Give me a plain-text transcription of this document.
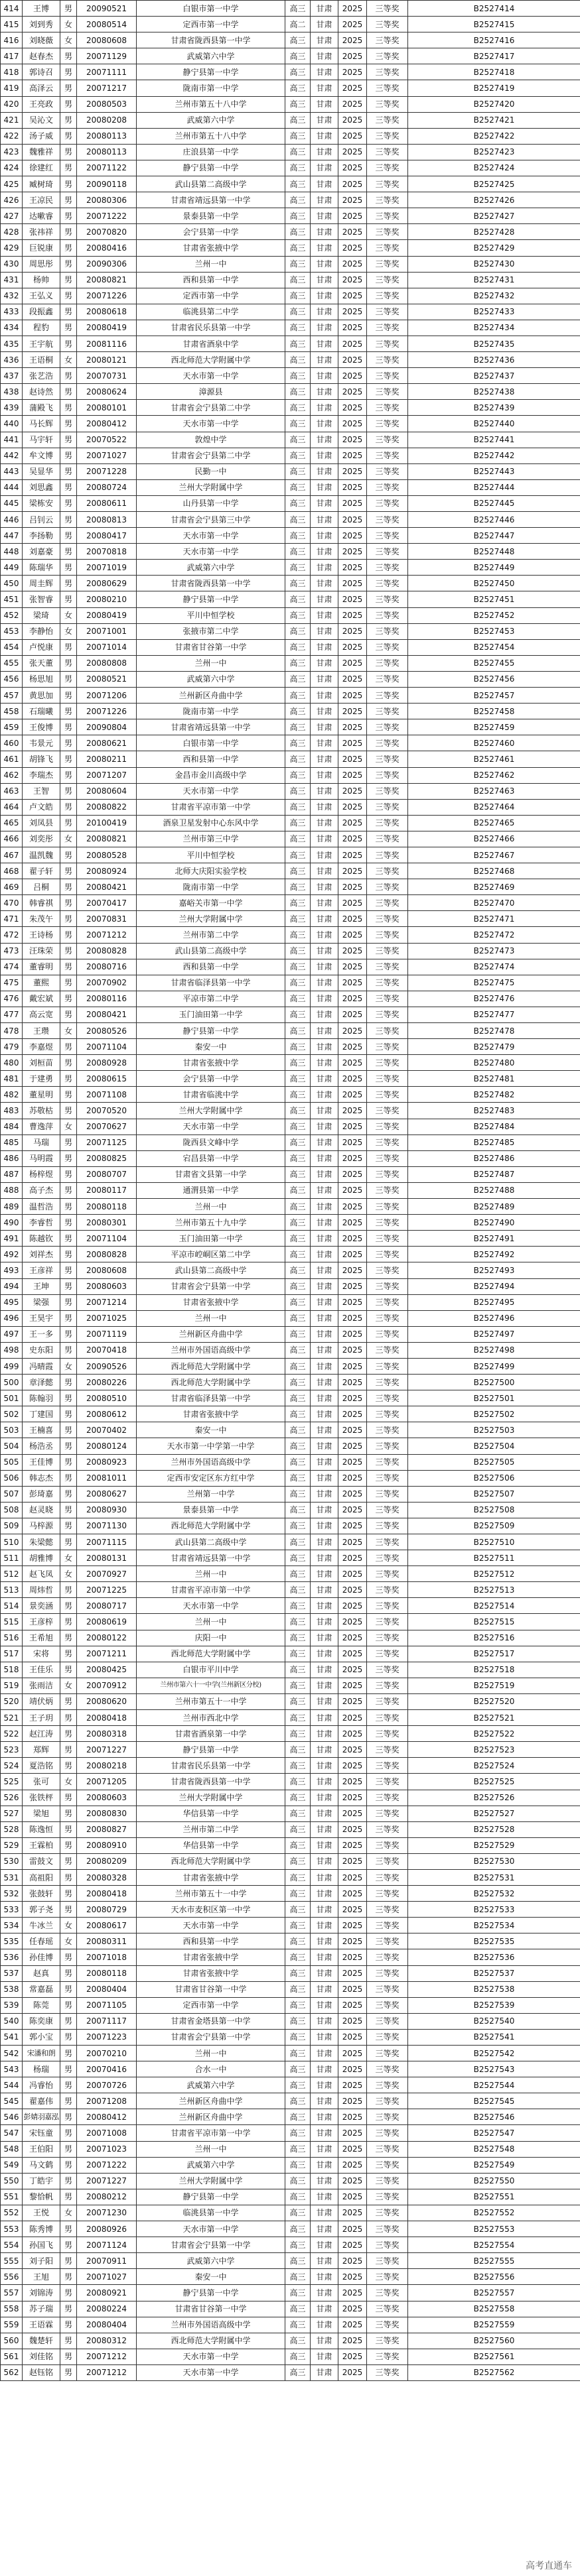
414	王博	男	20090521	白银市第一中学	高三	甘肃	2025	三等奖	B2527414
415	刘到秀	女	20080514	定西市第一中学	高二	甘肃	2025	三等奖	B2527415
416	刘晓薇	女	20080608	甘肃省陇西县第一中学	高三	甘肃	2025	三等奖	B2527416
417	赵春杰	男	20071129	武威第六中学	高三	甘肃	2025	三等奖	B2527417
418	郭诗召	男	20071111	静宁县第一中学	高三	甘肃	2025	三等奖	B2527418
419	高泽云	男	20071217	陇南市第一中学	高三	甘肃	2025	三等奖	B2527419
420	王亮政	男	20080503	兰州市第五十八中学	高三	甘肃	2025	三等奖	B2527420
421	吴沁文	男	20080208	武威第六中学	高三	甘肃	2025	三等奖	B2527421
422	汤子威	男	20080113	兰州市第五十八中学	高三	甘肃	2025	三等奖	B2527422
423	魏雅祥	男	20080113	庄浪县第一中学	高三	甘肃	2025	三等奖	B2527423
424	徐建红	男	20071122	静宁县第一中学	高三	甘肃	2025	三等奖	B2527424
425	臧树琦	男	20090118	武山县第二高级中学	高三	甘肃	2025	三等奖	B2527425
426	王凉民	男	20080306	甘肃省靖远县第一中学	高三	甘肃	2025	三等奖	B2527426
427	达嗽睿	男	20071222	景泰县第一中学	高三	甘肃	2025	三等奖	B2527427
428	张祎祥	男	20070820	会宁县第一中学	高三	甘肃	2025	三等奖	B2527428
429	巨锐康	男	20080416	甘肃省张掖中学	高三	甘肃	2025	三等奖	B2527429
430	周思彤	男	20090306	兰州一中	高三	甘肃	2025	三等奖	B2527430
431	杨帅	男	20080821	西和县第一中学	高三	甘肃	2025	三等奖	B2527431
432	王弘义	男	20071226	定西市第一中学	高三	甘肃	2025	三等奖	B2527432
433	段振鑫	男	20080618	临洮县第二中学	高三	甘肃	2025	三等奖	B2527433
434	程豹	男	20080419	甘肃省民乐县第一中学	高三	甘肃	2025	三等奖	B2527434
435	王宇航	男	20081116	甘肃省酒泉中学	高三	甘肃	2025	三等奖	B2527435
436	王语桐	女	20080121	西北师范大学附属中学	高三	甘肃	2025	三等奖	B2527436
437	张艺浩	男	20070731	天水市第一中学	高三	甘肃	2025	三等奖	B2527437
438	赵诗然	男	20080624	漳源县	高三	甘肃	2025	三等奖	B2527438
439	蒲殿飞	男	20080101	甘肃省会宁县第二中学	高三	甘肃	2025	三等奖	B2527439
440	马长辉	男	20080412	天水市第一中学	高三	甘肃	2025	三等奖	B2527440
441	马宇轩	男	20070522	敦煌中学	高三	甘肃	2025	三等奖	B2527441
442	牟文博	男	20071027	甘肃省会宁县第二中学	高三	甘肃	2025	三等奖	B2527442
443	吴显华	男	20071228	民勤一中	高三	甘肃	2025	三等奖	B2527443
444	刘思鑫	男	20080724	兰州大学附属中学	高三	甘肃	2025	三等奖	B2527444
445	梁栋安	男	20080611	山丹县第一中学	高三	甘肃	2025	三等奖	B2527445
446	吕钊云	男	20080813	甘肃省会宁县第三中学	高三	甘肃	2025	三等奖	B2527446
447	李扬勒	男	20080417	天水市第一中学	高三	甘肃	2025	三等奖	B2527447
448	刘嘉豪	男	20070818	天水市第一中学	高三	甘肃	2025	三等奖	B2527448
449	陈瑞华	男	20071019	武威第六中学	高三	甘肃	2025	三等奖	B2527449
450	周圭辉	男	20080629	甘肃省陇西县第一中学	高三	甘肃	2025	三等奖	B2527450
451	张智睿	男	20080210	静宁县第一中学	高三	甘肃	2025	三等奖	B2527451
452	梁琦	女	20080419	平川中恒学校	高三	甘肃	2025	三等奖	B2527452
453	李静怡	女	20071001	张掖市第二中学	高三	甘肃	2025	三等奖	B2527453
454	卢悦康	男	20071014	甘肃省甘谷第一中学	高三	甘肃	2025	三等奖	B2527454
455	张天董	男	20080808	兰州一中	高三	甘肃	2025	三等奖	B2527455
456	杨思旭	男	20080521	武威第六中学	高三	甘肃	2025	三等奖	B2527456
457	黄思加	男	20071206	兰州新区舟曲中学	高三	甘肃	2025	三等奖	B2527457
458	石瑞曦	男	20071226	陇南市第一中学	高三	甘肃	2025	三等奖	B2527458
459	王俊博	男	20090804	甘肃省靖远县第一中学	高三	甘肃	2025	三等奖	B2527459
460	韦景元	男	20080621	白银市第一中学	高三	甘肃	2025	三等奖	B2527460
461	胡锋飞	男	20080211	西和县第一中学	高三	甘肃	2025	三等奖	B2527461
462	李瑞杰	男	20071207	金昌市金川高级中学	高三	甘肃	2025	三等奖	B2527462
463	王智	男	20080604	天水市第一中学	高三	甘肃	2025	三等奖	B2527463
464	卢文皓	男	20080822	甘肃省平凉市第一中学	高三	甘肃	2025	三等奖	B2527464
465	刘凤县	男	20100419	酒泉卫星发射中心东风中学	高三	甘肃	2025	三等奖	B2527465
466	刘奕彤	女	20080821	兰州市第三中学	高三	甘肃	2025	三等奖	B2527466
467	温凯魏	男	20080528	平川中恒学校	高三	甘肃	2025	三等奖	B2527467
468	翟子轩	男	20080924	北师大庆阳实验学校	高三	甘肃	2025	三等奖	B2527468
469	吕桐	男	20080421	陇南市第一中学	高三	甘肃	2025	三等奖	B2527469
470	韩睿祺	男	20070417	嘉峪关市第一中学	高三	甘肃	2025	三等奖	B2527470
471	朱茂午	男	20070831	兰州大学附属中学	高三	甘肃	2025	三等奖	B2527471
472	王诗杨	男	20071212	兰州市第二中学	高三	甘肃	2025	三等奖	B2527472
473	汪珠荣	男	20080828	武山县第二高级中学	高三	甘肃	2025	三等奖	B2527473
474	董睿明	男	20080716	西和县第一中学	高三	甘肃	2025	三等奖	B2527474
475	董熙	男	20070902	甘肃省临泽县第一中学	高三	甘肃	2025	三等奖	B2527475
476	戴宏斌	男	20080116	平凉市第二中学	高三	甘肃	2025	三等奖	B2527476
477	高云宽	男	20080421	玉门油田第一中学	高三	甘肃	2025	三等奖	B2527477
478	王瓒	女	20080526	静宁县第一中学	高三	甘肃	2025	三等奖	B2527478
479	李嘉煜	男	20071104	秦安一中	高三	甘肃	2025	三等奖	B2527479
480	刘桓苗	男	20080928	甘肃省张掖中学	高三	甘肃	2025	三等奖	B2527480
481	于建勇	男	20080615	会宁县第一中学	高三	甘肃	2025	三等奖	B2527481
482	董星明	男	20071108	甘肃省临洮中学	高三	甘肃	2025	三等奖	B2527482
483	苏敬枯	男	20070520	兰州大学附属中学	高三	甘肃	2025	三等奖	B2527483
484	曹逸萍	女	20070627	天水市第一中学	高三	甘肃	2025	三等奖	B2527484
485	马瑞	男	20071125	陇西县文峰中学	高三	甘肃	2025	三等奖	B2527485
486	马明霞	男	20080825	宕昌县第一中学	高三	甘肃	2025	三等奖	B2527486
487	杨梓煜	男	20080707	甘肃省文县第一中学	高三	甘肃	2025	三等奖	B2527487
488	高子杰	男	20080117	通渭县第一中学	高三	甘肃	2025	三等奖	B2527488
489	温哲浩	男	20080118	兰州一中	高三	甘肃	2025	三等奖	B2527489
490	李睿哲	男	20080301	兰州市第五十九中学	高三	甘肃	2025	三等奖	B2527490
491	陈越钦	男	20071104	玉门油田第一中学	高三	甘肃	2025	三等奖	B2527491
492	刘祥杰	男	20080828	平凉市崆峒区第二中学	高三	甘肃	2025	三等奖	B2527492
493	王彦祥	男	20080608	武山县第二高级中学	高三	甘肃	2025	三等奖	B2527493
494	王坤	男	20080603	甘肃省会宁县第一中学	高三	甘肃	2025	三等奖	B2527494
495	梁强	男	20071214	甘肃省张掖中学	高三	甘肃	2025	三等奖	B2527495
496	王昊宇	男	20071025	兰州一中	高三	甘肃	2025	三等奖	B2527496
497	王一多	男	20071119	兰州新区舟曲中学	高三	甘肃	2025	三等奖	B2527497
498	史东阳	男	20070418	兰州市外国语高级中学	高三	甘肃	2025	三等奖	B2527498
499	冯晴霞	女	20090526	西北师范大学附属中学	高三	甘肃	2025	三等奖	B2527499
500	章泽懿	男	20080226	西北师范大学附属中学	高三	甘肃	2025	三等奖	B2527500
501	陈翰羽	男	20080510	甘肃省临泽县第一中学	高三	甘肃	2025	三等奖	B2527501
502	丁建国	男	20080612	甘肃省张掖中学	高三	甘肃	2025	三等奖	B2527502
503	王楠喜	男	20070402	秦安一中	高三	甘肃	2025	三等奖	B2527503
504	杨浩丞	男	20080124	天水市第一中学第一中学	高三	甘肃	2025	三等奖	B2527504
505	王佳博	男	20080923	兰州市外国语高级中学	高三	甘肃	2025	三等奖	B2527505
506	韩志杰	男	20081011	定西市安定区东方红中学	高三	甘肃	2025	三等奖	B2527506
507	彭琦嘉	男	20080627	兰州第一中学	高三	甘肃	2025	三等奖	B2527507
508	赵灵晓	男	20080930	景泰县第一中学	高三	甘肃	2025	三等奖	B2527508
509	马梓源	男	20071130	西北师范大学附属中学	高三	甘肃	2025	三等奖	B2527509
510	朱梁懿	男	20071115	武山县第二高级中学	高三	甘肃	2025	三等奖	B2527510
511	胡雅博	女	20080131	甘肃省靖远县第一中学	高三	甘肃	2025	三等奖	B2527511
512	赵飞凤	女	20070927	兰州一中	高三	甘肃	2025	三等奖	B2527512
513	周炜哲	男	20071225	甘肃省平凉市第一中学	高三	甘肃	2025	三等奖	B2527513
514	景奕涵	男	20080717	天水市第一中学	高三	甘肃	2025	三等奖	B2527514
515	王彦梓	男	20080619	兰州一中	高三	甘肃	2025	三等奖	B2527515
516	王希旭	男	20080122	庆阳一中	高三	甘肃	2025	三等奖	B2527516
517	宋将	男	20071211	西北师范大学附属中学	高三	甘肃	2025	三等奖	B2527517
518	王佳乐	男	20080425	白银市平川中学	高三	甘肃	2025	三等奖	B2527518
519	张雨洁	女	20070912	兰州市第六十一中学(兰州新区分校)	高三	甘肃	2025	三等奖	B2527519
520	靖伏炳	男	20080620	兰州市第五十一中学	高三	甘肃	2025	三等奖	B2527520
521	王子玥	男	20080418	兰州市西北中学	高三	甘肃	2025	三等奖	B2527521
522	赵江涛	男	20080318	甘肃省酒泉第一中学	高三	甘肃	2025	三等奖	B2527522
523	郑辉	男	20071227	静宁县第一中学	高三	甘肃	2025	三等奖	B2527523
524	夏浩铭	男	20080218	甘肃省民乐县第一中学	高三	甘肃	2025	三等奖	B2527524
525	张可	女	20071205	甘肃省陇西县第一中学	高三	甘肃	2025	三等奖	B2527525
526	张铁枰	男	20080603	兰州大学附属中学	高三	甘肃	2025	三等奖	B2527526
527	梁旭	男	20080830	华信县第一中学	高三	甘肃	2025	三等奖	B2527527
528	陈逸恒	男	20080827	兰州市第二中学	高三	甘肃	2025	三等奖	B2527528
529	王霖柏	男	20080910	华信县第一中学	高三	甘肃	2025	三等奖	B2527529
530	雷鼓文	男	20080209	西北师范大学附属中学	高三	甘肃	2025	三等奖	B2527530
531	高祖阳	男	20080328	甘肃省张掖中学	高三	甘肃	2025	三等奖	B2527531
532	张鼓轩	男	20080418	兰州市第五十一中学	高三	甘肃	2025	三等奖	B2527532
533	郭子尧	男	20080729	天水市麦积区第一中学	高三	甘肃	2025	三等奖	B2527533
534	牛冰兰	女	20080617	天水市第一中学	高三	甘肃	2025	三等奖	B2527534
535	任春瑶	女	20080311	西和县第一中学	高三	甘肃	2025	三等奖	B2527535
536	孙佳博	男	20071018	甘肃省张掖中学	高三	甘肃	2025	三等奖	B2527536
537	赵真	男	20080118	甘肃省张掖中学	高三	甘肃	2025	三等奖	B2527537
538	常嘉磊	男	20080404	甘肃省甘谷第一中学	高三	甘肃	2025	三等奖	B2527538
539	陈莞	男	20071105	定西市第一中学	高三	甘肃	2025	三等奖	B2527539
540	陈奕康	男	20071117	甘肃省金塔县第一中学	高三	甘肃	2025	三等奖	B2527540
541	郭小宝	男	20071223	甘肃省会宁县第一中学	高三	甘肃	2025	三等奖	B2527541
542	宋潘和朗	男	20070210	兰州一中	高三	甘肃	2025	三等奖	B2527542
543	杨瑞	男	20070416	合水一中	高三	甘肃	2025	三等奖	B2527543
544	冯睿怡	男	20070726	武威第六中学	高三	甘肃	2025	三等奖	B2527544
545	翟嘉伟	男	20071208	兰州新区舟曲中学	高三	甘肃	2025	三等奖	B2527545
546	彭婧羽嘉泓	男	20080412	兰州新区舟曲中学	高三	甘肃	2025	三等奖	B2527546
547	宋钰童	男	20071008	甘肃省平凉市第一中学	高三	甘肃	2025	三等奖	B2527547
548	王伯阳	男	20071023	兰州一中	高三	甘肃	2025	三等奖	B2527548
549	马文鹤	男	20071222	武威第六中学	高三	甘肃	2025	三等奖	B2527549
550	丁皓宇	男	20071227	兰州大学附属中学	高三	甘肃	2025	三等奖	B2527550
551	黎恰帆	男	20080212	静宁县第一中学	高三	甘肃	2025	三等奖	B2527551
552	王悦	女	20071230	临洮县第一中学	高三	甘肃	2025	三等奖	B2527552
553	陈秀博	男	20080926	天水市第一中学	高三	甘肃	2025	三等奖	B2527553
554	孙国飞	男	20071124	甘肃省会宁县第一中学	高三	甘肃	2025	三等奖	B2527554
555	刘子阳	男	20070911	武威第六中学	高三	甘肃	2025	三等奖	B2527555
556	王旭	男	20071027	秦安一中	高三	甘肃	2025	三等奖	B2527556
557	刘锦涛	男	20080921	静宁县第一中学	高三	甘肃	2025	三等奖	B2527557
558	苏子瑞	男	20080224	甘肃省甘谷第一中学	高三	甘肃	2025	三等奖	B2527558
559	王语霖	男	20080404	兰州市外国语高级中学	高三	甘肃	2025	三等奖	B2527559
560	魏楚轩	男	20080312	西北师范大学附属中学	高三	甘肃	2025	三等奖	B2527560
561	刘佳铭	男	20071212	天水市第一中学	高三	甘肃	2025	三等奖	B2527561
562	赵钰铭	男	20071212	天水市第一中学	高三	甘肃	2025	三等奖	B2527562
高考直通车
